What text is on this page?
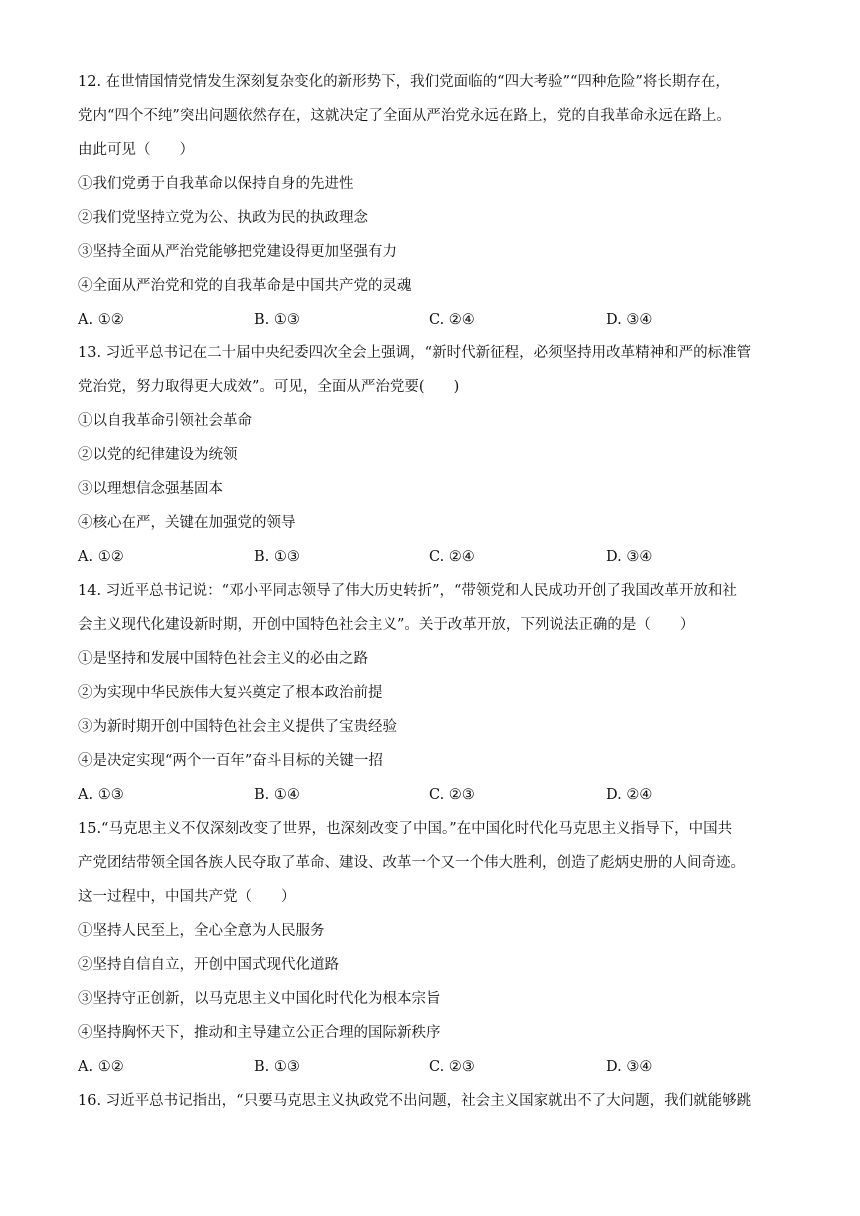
12. 在世情国情党情发生深刻复杂变化的新形势下，我们党面临的“四大考验”“四种危险”将长期存在，
党内“四个不纯”突出问题依然存在，这就决定了全面从严治党永远在路上，党的自我革命永远在路上。
由此可见（　　）
①我们党勇于自我革命以保持自身的先进性
②我们党坚持立党为公、执政为民的执政理念
③坚持全面从严治党能够把党建设得更加坚强有力
④全面从严治党和党的自我革命是中国共产党的灵魂
A. ①②	B. ①③	C. ②④	D. ③④
13. 习近平总书记在二十届中央纪委四次全会上强调，“新时代新征程，必须坚持用改革精神和严的标准管
党治党，努力取得更大成效”。可见，全面从严治党要(　　)
①以自我革命引领社会革命
②以党的纪律建设为统领
③以理想信念强基固本
④核心在严，关键在加强党的领导
A. ①②	B. ①③	C. ②④	D. ③④
14. 习近平总书记说：“邓小平同志领导了伟大历史转折”，“带领党和人民成功开创了我国改革开放和社
会主义现代化建设新时期，开创中国特色社会主义”。关于改革开放，下列说法正确的是（　　）
①是坚持和发展中国特色社会主义的必由之路
②为实现中华民族伟大复兴奠定了根本政治前提
③为新时期开创中国特色社会主义提供了宝贵经验
④是决定实现“两个一百年”奋斗目标的关键一招
A. ①③	B. ①④	C. ②③	D. ②④
15.“马克思主义不仅深刻改变了世界，也深刻改变了中国。”在中国化时代化马克思主义指导下，中国共
产党团结带领全国各族人民夺取了革命、建设、改革一个又一个伟大胜利，创造了彪炳史册的人间奇迹。
这一过程中，中国共产党（　　）
①坚持人民至上，全心全意为人民服务
②坚持自信自立，开创中国式现代化道路
③坚持守正创新，以马克思主义中国化时代化为根本宗旨
④坚持胸怀天下，推动和主导建立公正合理的国际新秩序
A. ①②	B. ①③	C. ②③	D. ③④
16. 习近平总书记指出，“只要马克思主义执政党不出问题，社会主义国家就出不了大问题，我们就能够跳
